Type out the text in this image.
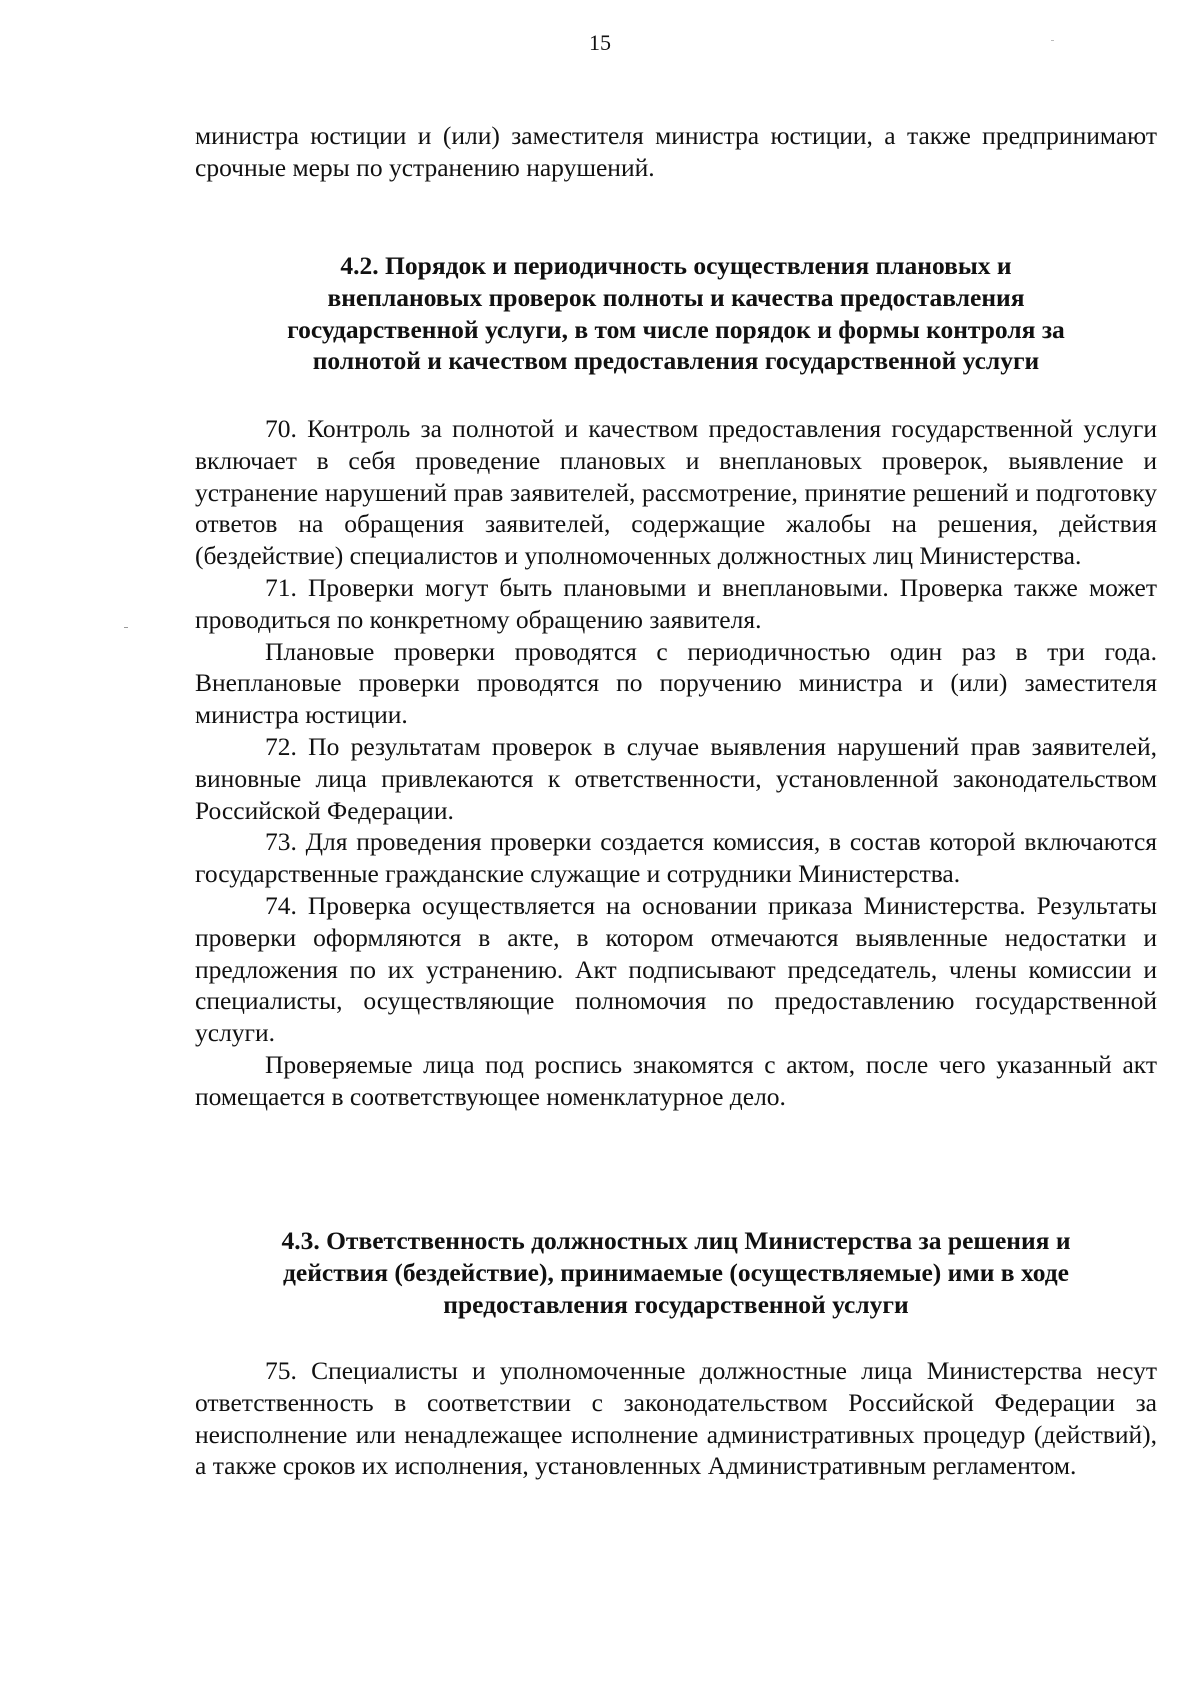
15

министра юстиции и (или) заместителя министра юстиции, а также предпринимают срочные меры по устранению нарушений.

4.2. Порядок и периодичность осуществления плановых и
внеплановых проверок полноты и качества предоставления
государственной услуги, в том числе порядок и формы контроля за
полнотой и качеством предоставления государственной услуги

70. Контроль за полнотой и качеством предоставления государственной услуги включает в себя проведение плановых и внеплановых проверок, выявление и устранение нарушений прав заявителей, рассмотрение, принятие решений и подготовку ответов на обращения заявителей, содержащие жалобы на решения, действия (бездействие) специалистов и уполномоченных должностных лиц Министерства.

71. Проверки могут быть плановыми и внеплановыми. Проверка также может проводиться по конкретному обращению заявителя.

Плановые проверки проводятся с периодичностью один раз в три года. Внеплановые проверки проводятся по поручению министра и (или) заместителя министра юстиции.

72. По результатам проверок в случае выявления нарушений прав заявителей, виновные лица привлекаются к ответственности, установленной законодательством Российской Федерации.

73. Для проведения проверки создается комиссия, в состав которой включаются государственные гражданские служащие и сотрудники Министерства.

74. Проверка осуществляется на основании приказа Министерства. Результаты проверки оформляются в акте, в котором отмечаются выявленные недостатки и предложения по их устранению. Акт подписывают председатель, члены комиссии и специалисты, осуществляющие полномочия по предоставлению государственной услуги.

Проверяемые лица под роспись знакомятся с актом, после чего указанный акт помещается в соответствующее номенклатурное дело.

4.3. Ответственность должностных лиц Министерства за решения и
действия (бездействие), принимаемые (осуществляемые) ими в ходе
предоставления государственной услуги

75. Специалисты и уполномоченные должностные лица Министерства несут ответственность в соответствии с законодательством Российской Федерации за неисполнение или ненадлежащее исполнение административных процедур (действий), а также сроков их исполнения, установленных Административным регламентом.
